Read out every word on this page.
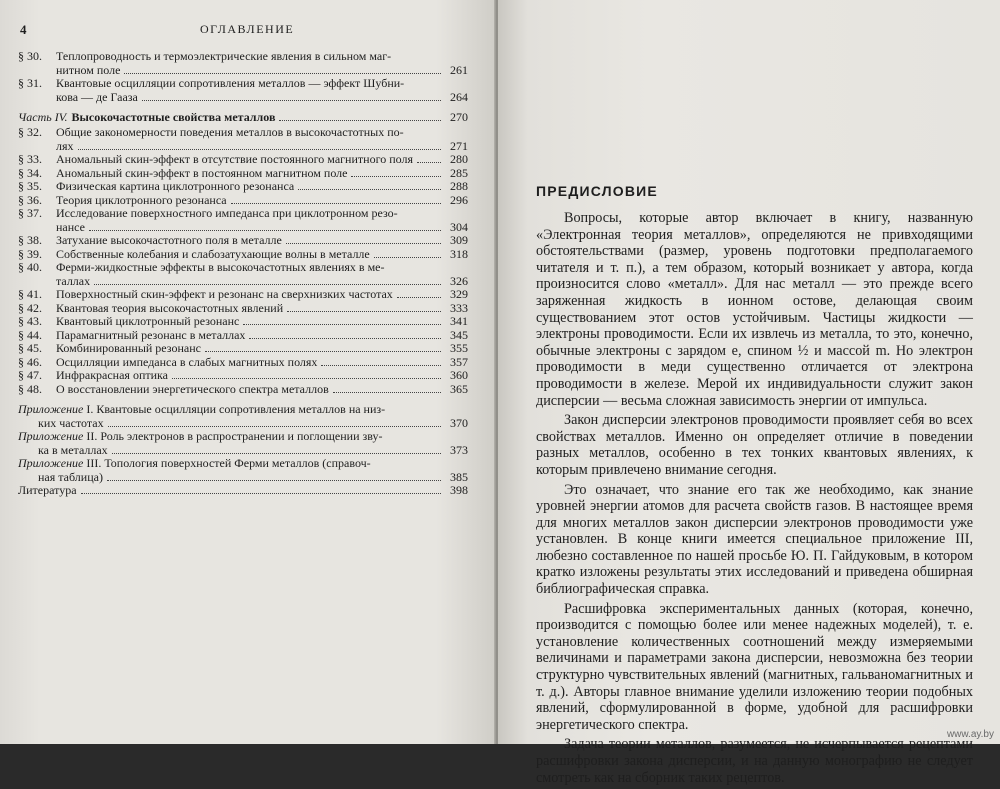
4	ОГЛАВЛЕНИЕ
§ 30.	Теплопроводность и термоэлектрические явления в сильном маг-
нитном поле	261
§ 31.	Квантовые осцилляции сопротивления металлов — эффект Шубни-
кова — де Гааза	264
Часть IV. Высокочастотные свойства металлов	270
§ 32.	Общие закономерности поведения металлов в высокочастотных по-
лях	271
§ 33.	Аномальный скин-эффект в отсутствие постоянного магнитного поля	280
§ 34.	Аномальный скин-эффект в постоянном магнитном поле	285
§ 35.	Физическая картина циклотронного резонанса	288
§ 36.	Теория циклотронного резонанса	296
§ 37.	Исследование поверхностного импеданса при циклотронном резо-
нансе	304
§ 38.	Затухание высокочастотного поля в металле	309
§ 39.	Собственные колебания и слабозатухающие волны в металле	318
§ 40.	Ферми-жидкостные эффекты в высокочастотных явлениях в ме-
таллах	326
§ 41.	Поверхностный скин-эффект и резонанс на сверхнизких частотах	329
§ 42.	Квантовая теория высокочастотных явлений	333
§ 43.	Квантовый циклотронный резонанс	341
§ 44.	Парамагнитный резонанс в металлах	345
§ 45.	Комбинированный резонанс	355
§ 46.	Осцилляции импеданса в слабых магнитных полях	357
§ 47.	Инфракрасная оптика	360
§ 48.	О восстановлении энергетического спектра металлов	365
Приложение I. Квантовые осцилляции сопротивления металлов на низ-
ких частотах	370
Приложение II. Роль электронов в распространении и поглощении зву-
ка в металлах	373
Приложение III. Топология поверхностей Ферми металлов (справоч-
ная таблица)	385
Литература	398
ПРЕДИСЛОВИЕ

Вопросы, которые автор включает в книгу, названную «Электронная теория металлов», определяются не привходящими обстоятельствами (размер, уровень подготовки предполагаемого читателя и т. п.), а тем образом, который возникает у автора, когда произносится слово «металл». Для нас металл — это прежде всего заряженная жидкость в ионном остове, делающая своим существованием этот остов устойчивым. Частицы жидкости — электроны проводимости. Если их извлечь из металла, то это, конечно, обычные электроны с зарядом e, спином ½ и массой m. Но электрон проводимости в меди существенно отличается от электрона проводимости в железе. Мерой их индивидуальности служит закон дисперсии — весьма сложная зависимость энергии от импульса.

Закон дисперсии электронов проводимости проявляет себя во всех свойствах металлов. Именно он определяет отличие в поведении разных металлов, особенно в тех тонких квантовых явлениях, к которым привлечено внимание сегодня.

Это означает, что знание его так же необходимо, как знание уровней энергии атомов для расчета свойств газов. В настоящее время для многих металлов закон дисперсии электронов проводимости уже установлен. В конце книги имеется специальное приложение III, любезно составленное по нашей просьбе Ю. П. Гайдуковым, в котором кратко изложены результаты этих исследований и приведена обширная библиографическая справка.

Расшифровка экспериментальных данных (которая, конечно, производится с помощью более или менее надежных моделей), т. е. установление количественных соотношений между измеряемыми величинами и параметрами закона дисперсии, невозможна без теории структурно чувствительных явлений (магнитных, гальваномагнитных и т. д.). Авторы главное внимание уделили изложению теории подобных явлений, сформулированной в форме, удобной для расшифровки энергетического спектра.

Задача теории металлов, разумеется, не исчерпывается рецептами расшифровки закона дисперсии, и на данную монографию не следует смотреть как на сборник таких рецептов.

www.ay.by
